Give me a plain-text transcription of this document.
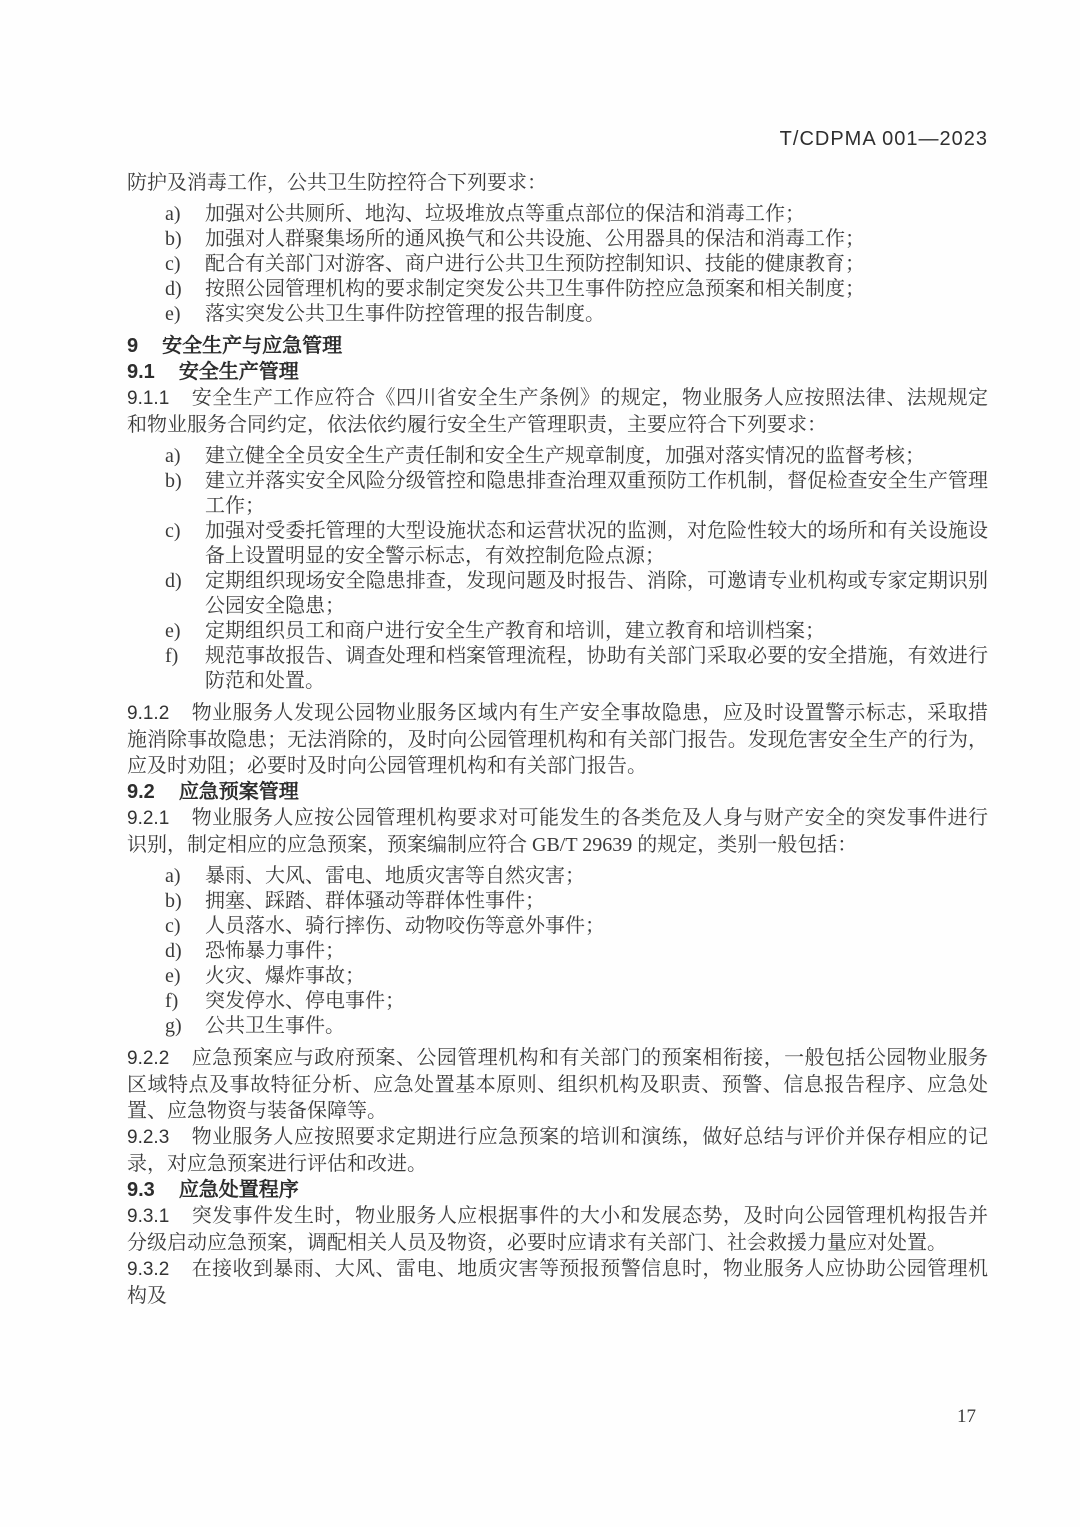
T/CDPMA 001—2023

防护及消毒工作，公共卫生防控符合下列要求：

a) 加强对公共厕所、地沟、垃圾堆放点等重点部位的保洁和消毒工作；
b) 加强对人群聚集场所的通风换气和公共设施、公用器具的保洁和消毒工作；
c) 配合有关部门对游客、商户进行公共卫生预防控制知识、技能的健康教育；
d) 按照公园管理机构的要求制定突发公共卫生事件防控应急预案和相关制度；
e) 落实突发公共卫生事件防控管理的报告制度。

9 安全生产与应急管理

9.1 安全生产管理

9.1.1 安全生产工作应符合《四川省安全生产条例》的规定，物业服务人应按照法律、法规规定和物业服务合同约定，依法依约履行安全生产管理职责，主要应符合下列要求：

a) 建立健全全员安全生产责任制和安全生产规章制度，加强对落实情况的监督考核；
b) 建立并落实安全风险分级管控和隐患排查治理双重预防工作机制，督促检查安全生产管理工作；
c) 加强对受委托管理的大型设施状态和运营状况的监测，对危险性较大的场所和有关设施设备上设置明显的安全警示标志，有效控制危险点源；
d) 定期组织现场安全隐患排查，发现问题及时报告、消除，可邀请专业机构或专家定期识别公园安全隐患；
e) 定期组织员工和商户进行安全生产教育和培训，建立教育和培训档案；
f) 规范事故报告、调查处理和档案管理流程，协助有关部门采取必要的安全措施，有效进行防范和处置。

9.1.2 物业服务人发现公园物业服务区域内有生产安全事故隐患，应及时设置警示标志，采取措施消除事故隐患；无法消除的，及时向公园管理机构和有关部门报告。发现危害安全生产的行为，应及时劝阻；必要时及时向公园管理机构和有关部门报告。

9.2 应急预案管理

9.2.1 物业服务人应按公园管理机构要求对可能发生的各类危及人身与财产安全的突发事件进行识别，制定相应的应急预案，预案编制应符合 GB/T 29639 的规定，类别一般包括：

a) 暴雨、大风、雷电、地质灾害等自然灾害；
b) 拥塞、踩踏、群体骚动等群体性事件；
c) 人员落水、骑行摔伤、动物咬伤等意外事件；
d) 恐怖暴力事件；
e) 火灾、爆炸事故；
f) 突发停水、停电事件；
g) 公共卫生事件。

9.2.2 应急预案应与政府预案、公园管理机构和有关部门的预案相衔接，一般包括公园物业服务区域特点及事故特征分析、应急处置基本原则、组织机构及职责、预警、信息报告程序、应急处置、应急物资与装备保障等。

9.2.3 物业服务人应按照要求定期进行应急预案的培训和演练，做好总结与评价并保存相应的记录，对应急预案进行评估和改进。

9.3 应急处置程序

9.3.1 突发事件发生时，物业服务人应根据事件的大小和发展态势，及时向公园管理机构报告并分级启动应急预案，调配相关人员及物资，必要时应请求有关部门、社会救援力量应对处置。

9.3.2 在接收到暴雨、大风、雷电、地质灾害等预报预警信息时，物业服务人应协助公园管理机构及

17
